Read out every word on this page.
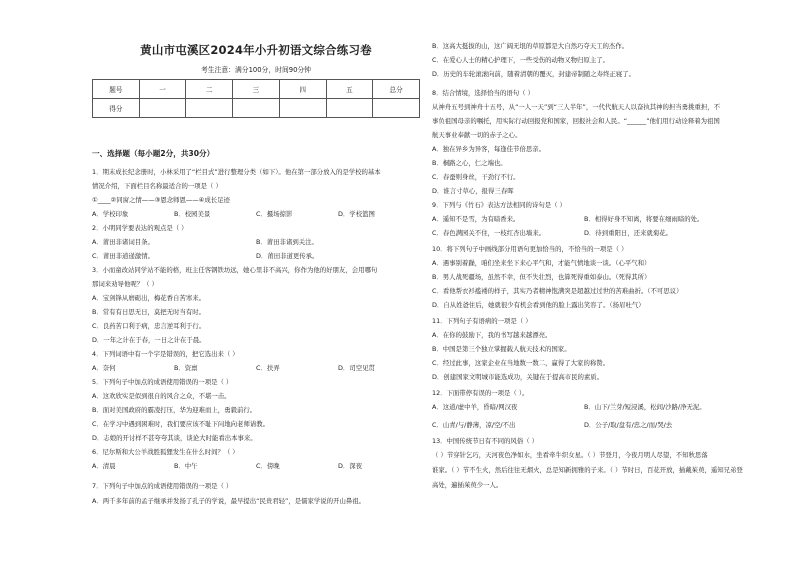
黄山市屯溪区2024年小升初语文综合练习卷
考生注意：满分100分，时间90分钟
题号	一	二	三	四	五	总分
得分						
一、选择题（每小题2分，共30分）
1．期末成长纪念册时，小林采用了“栏目式”进行整理分类（如下）。他在第一部分放入的是学校的基本
情况介绍，下面栏目名称最适合的一项是（ ）
①____②同窗之情——③恩念师恩——④成长足迹
A．学校印象	B．校园美景	C．摄场掠影	D．学校篮图
2．小明同学要表达的观点是（ ）
A．莆田非诸词目条。	B．莆田非诸到关注。
C．莆田非道递激情。	D．莆田非道更传承。
3．小而童改站同学站不能的格，班主任客钢铁坊远，她心里非不高兴，你作为他的好朋友，会用哪句
那词来劝导他呢？（ ）
A．宝剑锋从磨砺出，梅花香自苦寒来。
B．常有有日思无日，莫把无时当有时。
C．良药苦口利于病，忠言逆耳利于行。
D．一年之计在于春，一日之计在于晨。
4．下列词语中有一个字是错误的，把它选出来（ ）
A．奈何	B．资禀	C．扶弄	D．司空见贯
5．下列句子中加点的成语使用错误的一项是（ ）
A．这欢欣实是似到很自的风合之众，不堪一击。
B．面对美国政府的霸凌打压，华为迎难而上，勇毅前行。
C．在学习中遇到困难时，我们要应该不耻下问地向老师请教。
D．志娘的开讨样不甚夸夸其谈，谈论大时能看出本事来。
6．尼尔斯和大公羊战胜狐狸发生在什么时间？（ ）
A．清晨	B．中午	C．傍晚	D．深夜
7．下列句子中加点的成语使用错误的一项是（ ）
A．两千多年前的孟子继承并发扬了孔子的学说，最早提出“民贵君轻”，是儒家学说的开山鼻祖。
B．这高大挺拔的山，这广阔无垠的草原都是大自然巧夺天工的杰作。
C．在爱心人士的精心护理下，一些受伤的动物又物归原主了。
D．历史的车轮滚滚向前，随着清朝的覆灭，封建帝制随之寿终正寝了。
8．结合情境，选择恰当的语句（ ）
从神舟五号到神舟十五号，从“一人一天”到“三人半年”，一代代航天人以奋执其神的担当勇挑重担，不
事负祖国母亲的嘱托，用实际行动回报党和国家，回报社会和人民。“______”他们用行动诠释着为祖国
航天事业奉献一切的赤子之心。
A．独在异乡为异客，每逢佳节倍思亲。
B．桐路之心，仁之端也。
C．春蚕则身丝，干劲行不行。
D．谁言寸草心，报得三春晖
9．下列与《竹石》表达方法相同的诗句是（ ）
A．遥知不是雪，为有暗香来。	B．相得好身不知离，将要在细雨暗的处。
C．春色满园关不住，一枝红杏出墙来。	D．待到重阳日，还来就菊花。
10．将下列句子中画线部分用语句更加恰当的，不恰当的一项是（ ）
A．遇事别着躁，咱们坐来坐下来心平气和，才能气愤地谈一谈。（心平气和）
B．男人战死疆场，虽然不幸，但不失壮烈，也算死得重如泰山。（死得其所）
C．看他帮衣衫褴褛的样子，其实乃者精神饱满突是超越过过世的苦难曲折。（不可思议）
D．自从姓爸住后，她就很少有机会看到他的脸上露出笑容了。（扬眉吐气）
11．下列句子有语病的一项是（ ）
A．在你的鼓励下，我的书写越来越漂亮。
B．中国是第三个独立掌握载人航天技术的国家。
C．经过此事，这家企业在当地数一数二，赢得了大家的称赞。
D．创建国家文明城市能选成功，关键在于提高市民的素质。
12．下面带停有误的一项是（ ）。
A．这道/虚中羊，昏暗/网汉夜	B．山下/兰芽/短浸溪，松间/沙路/净无泥。
C．山青/与/静薄，凉/空/不出	D．公子/取/盘有/忠之/而/哭/去
13．中国传统节日有不同的风俗（ ）
（ ）节穿针乞巧，天河夜色净如水，坐看牵牛织女星。（ ）节登月，今夜月明人尽望，不知秋思落
谁家。（ ）节不生火，然后往往无烟火，总是知新拥雅的子来。（ ）节时日，百花开放，插戴茱萸，遥知兄弟登
高处，遍插茱萸少一人。
